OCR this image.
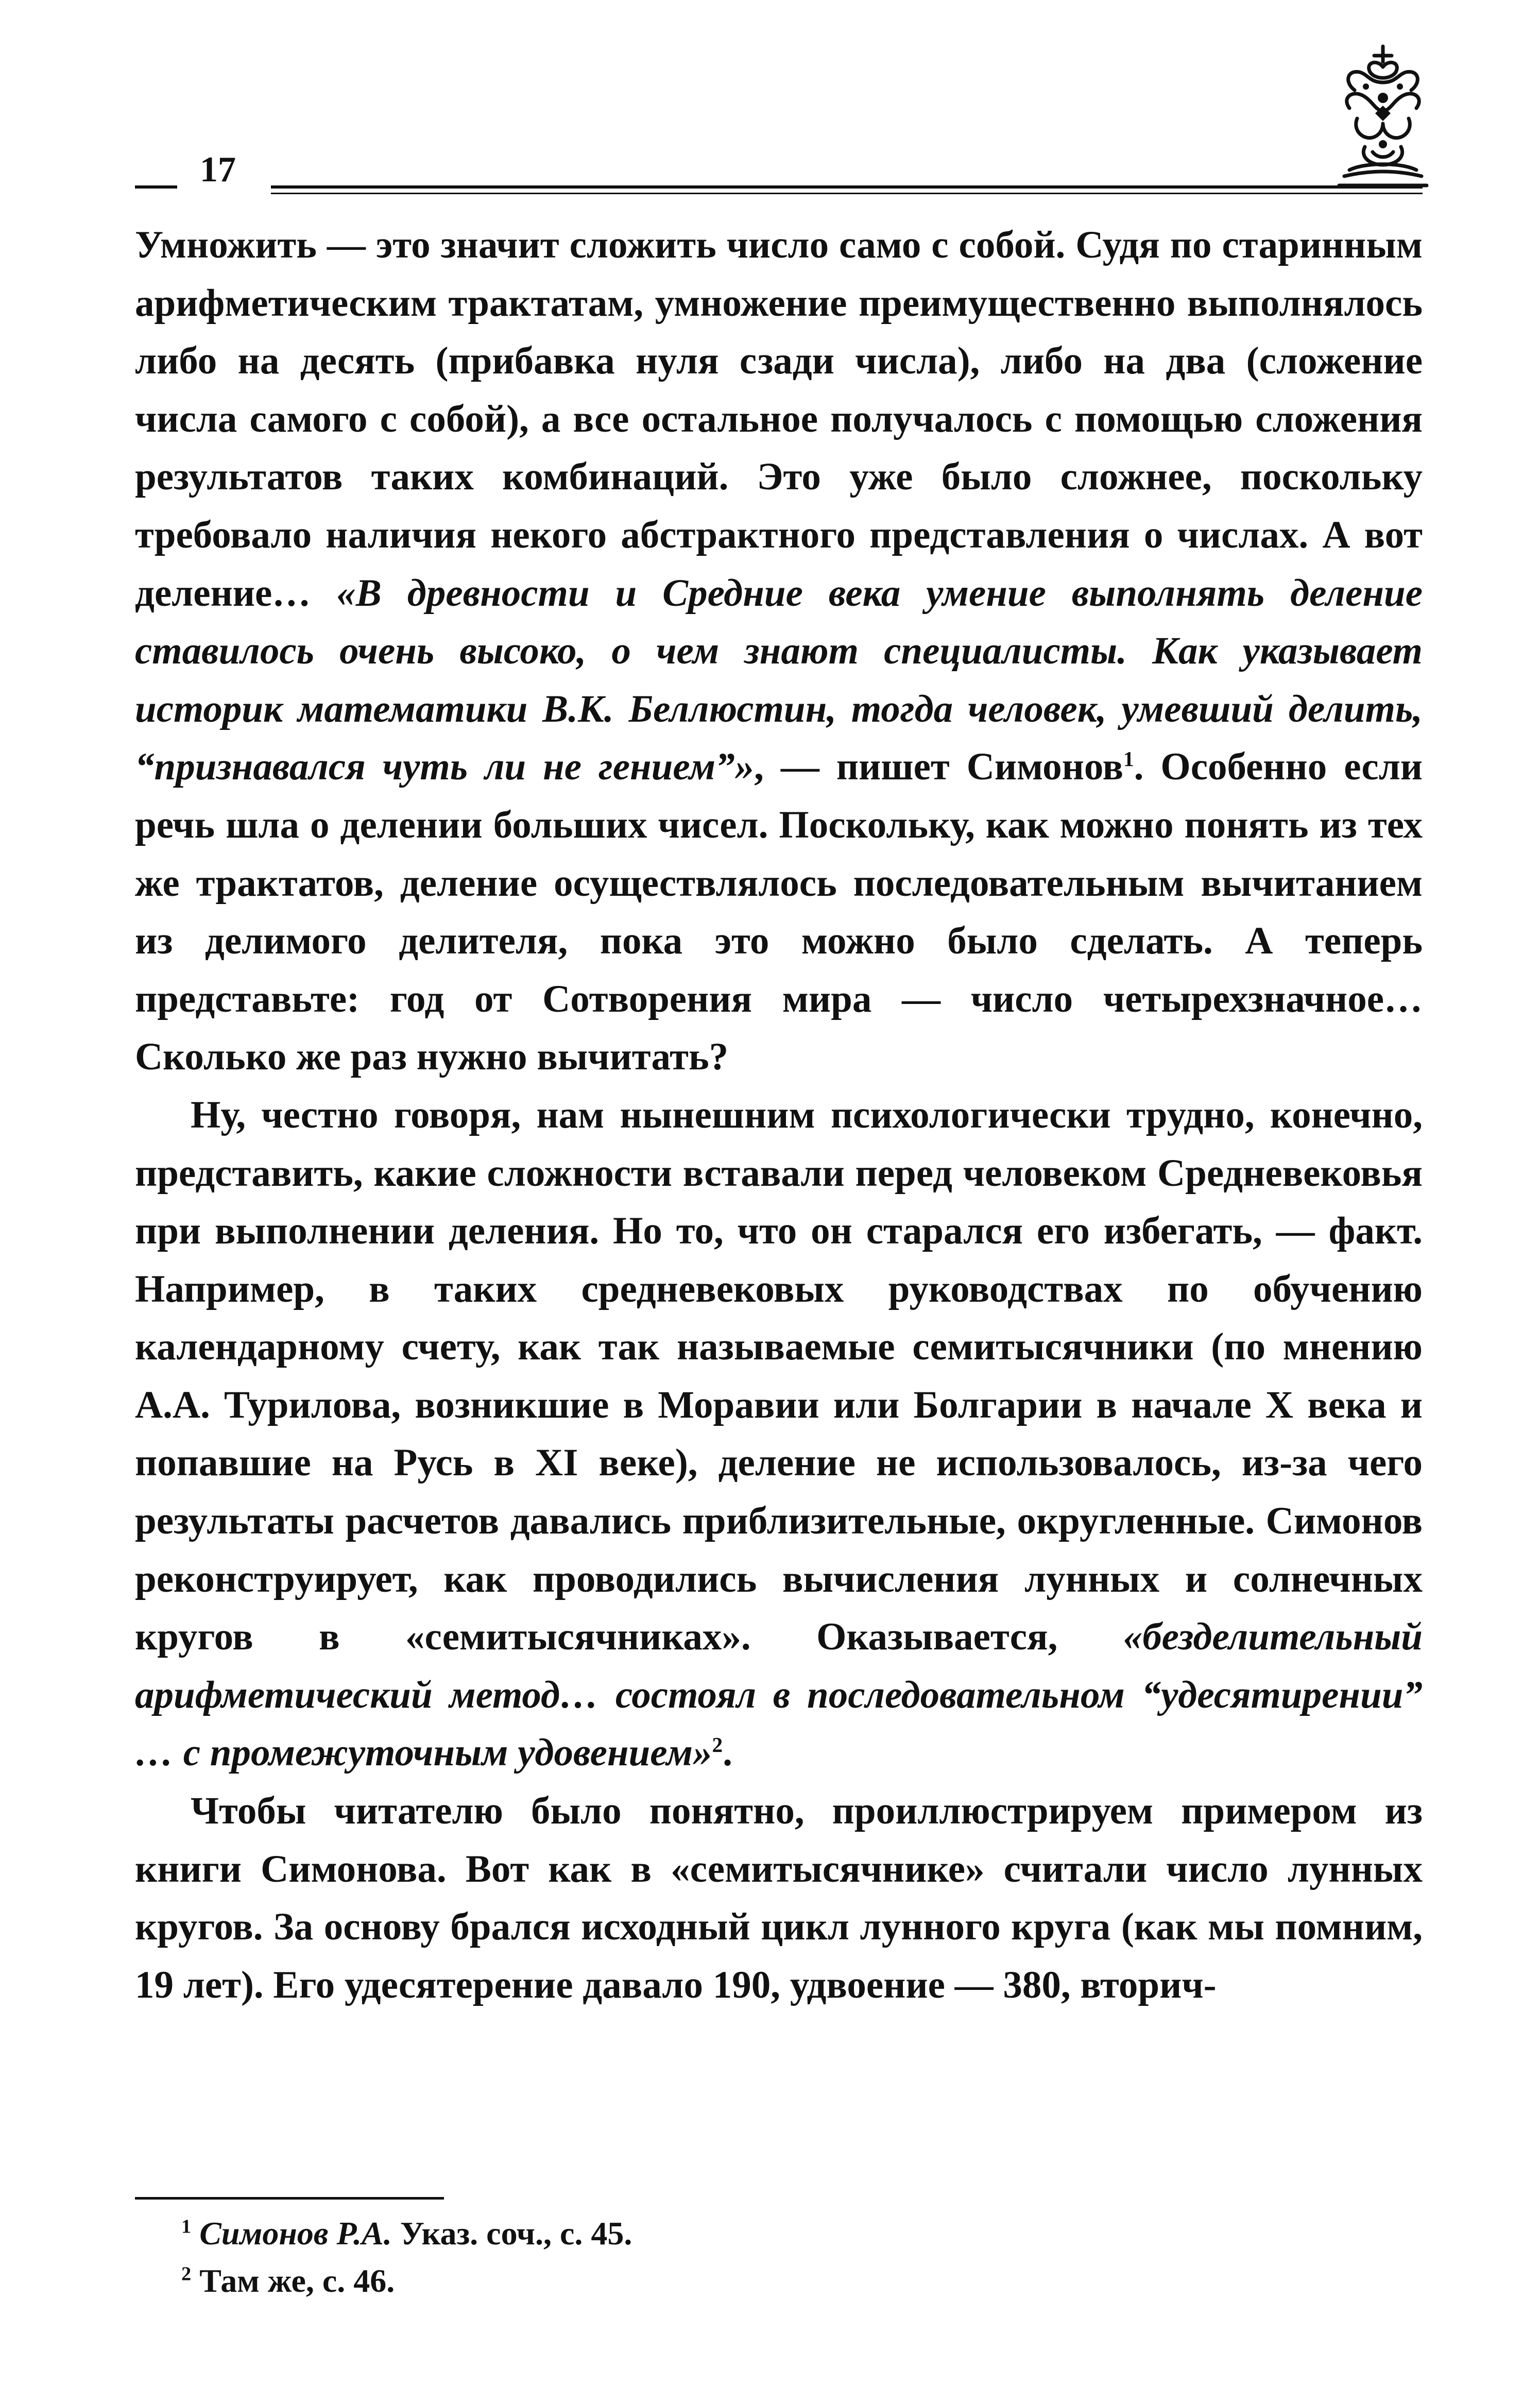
17

Умножить — это значит сложить число само с собой. Судя по старинным арифметическим трактатам, умножение преимущественно выполнялось либо на десять (прибавка нуля сзади числа), либо на два (сложение числа самого с собой), а все остальное получалось с помощью сложения результатов таких комбинаций. Это уже было сложнее, поскольку требовало наличия некого абстрактного представления о числах. А вот деление… «В древности и Средние века умение выполнять деление ставилось очень высоко, о чем знают специалисты. Как указывает историк математики В.К. Беллюстин, тогда человек, умевший делить, “признавался чуть ли не гением”», — пишет Симонов$^1$. Особенно если речь шла о делении больших чисел. Поскольку, как можно понять из тех же трактатов, деление осуществлялось последовательным вычитанием из делимого делителя, пока это можно было сделать. А теперь представьте: год от Сотворения мира — число четырехзначное… Сколько же раз нужно вычитать?

Ну, честно говоря, нам нынешним психологически трудно, конечно, представить, какие сложности вставали перед человеком Средневековья при выполнении деления. Но то, что он старался его избегать, — факт. Например, в таких средневековых руководствах по обучению календарному счету, как так называемые семитысячники (по мнению А.А. Турилова, возникшие в Моравии или Болгарии в начале X века и попавшие на Русь в XI веке), деление не использовалось, из-за чего результаты расчетов давались приблизительные, округленные. Симонов реконструирует, как проводились вычисления лунных и солнечных кругов в «семитысячниках». Оказывается, «безделительный арифметический метод… состоял в последовательном “удесятирении” … с промежуточным удовением»$^2$.

Чтобы читателю было понятно, проиллюстрируем примером из книги Симонова. Вот как в «семитысячнике» считали число лунных кругов. За основу брался исходный цикл лунного круга (как мы помним, 19 лет). Его удесятерение давало 190, удвоение — 380, вторич-

$^1$ Симонов Р.А. Указ. соч., с. 45.

$^2$ Там же, с. 46.
